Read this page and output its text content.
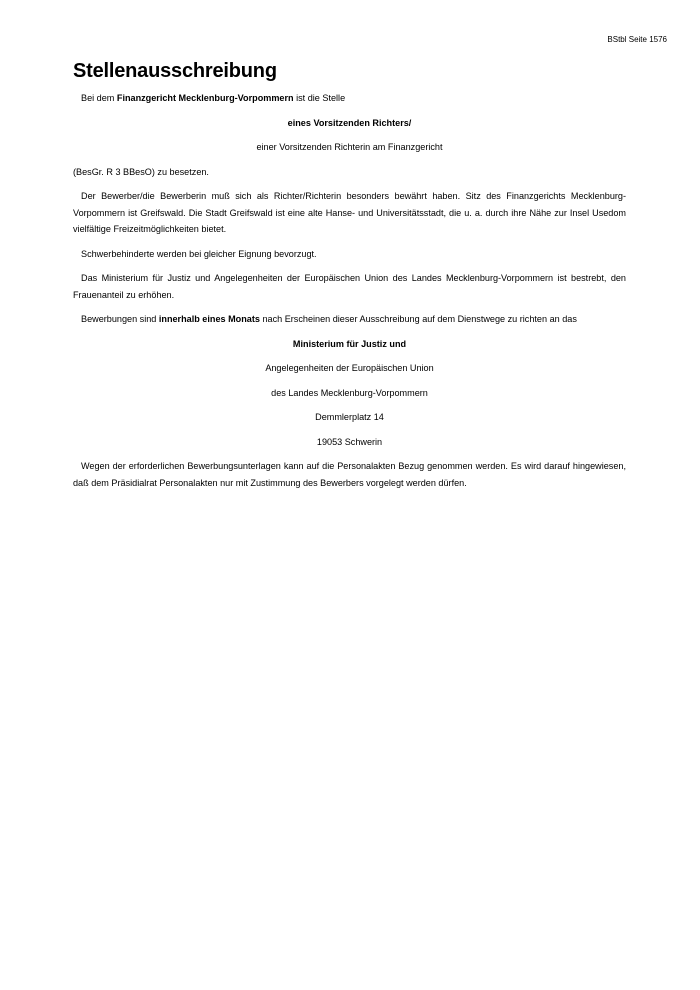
BStbl Seite 1576
Stellenausschreibung

Bei dem Finanzgericht Mecklenburg-Vorpommern ist die Stelle

eines Vorsitzenden Richters/

einer Vorsitzenden Richterin am Finanzgericht

(BesGr. R 3 BBesO) zu besetzen.

Der Bewerber/die Bewerberin muß sich als Richter/Richterin besonders bewährt haben. Sitz des Finanzgerichts Mecklenburg-Vorpommern ist Greifswald. Die Stadt Greifswald ist eine alte Hanse- und Universitätsstadt, die u. a. durch ihre Nähe zur Insel Usedom vielfältige Freizeitmöglichkeiten bietet.

Schwerbehinderte werden bei gleicher Eignung bevorzugt.

Das Ministerium für Justiz und Angelegenheiten der Europäischen Union des Landes Mecklenburg-Vorpommern ist bestrebt, den Frauenanteil zu erhöhen.

Bewerbungen sind innerhalb eines Monats nach Erscheinen dieser Ausschreibung auf dem Dienstwege zu richten an das

Ministerium für Justiz und

Angelegenheiten der Europäischen Union

des Landes Mecklenburg-Vorpommern

Demmlerplatz 14

19053 Schwerin

Wegen der erforderlichen Bewerbungsunterlagen kann auf die Personalakten Bezug genommen werden. Es wird darauf hingewiesen, daß dem Präsidialrat Personalakten nur mit Zustimmung des Bewerbers vorgelegt werden dürfen.
